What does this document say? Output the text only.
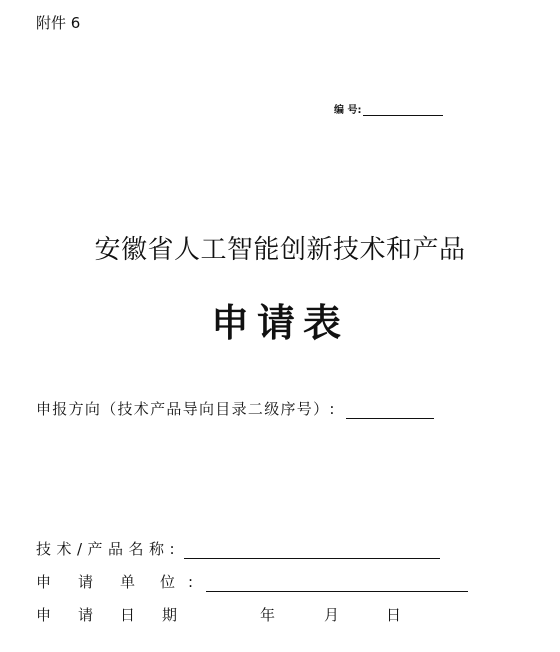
附件 6
编 号:
安徽省人工智能创新技术和产品
申请表
申报方向（技术产品导向目录二级序号）:
技术/产品名称:
申 请 单 位 :
申	请	日	期	年	月	日
